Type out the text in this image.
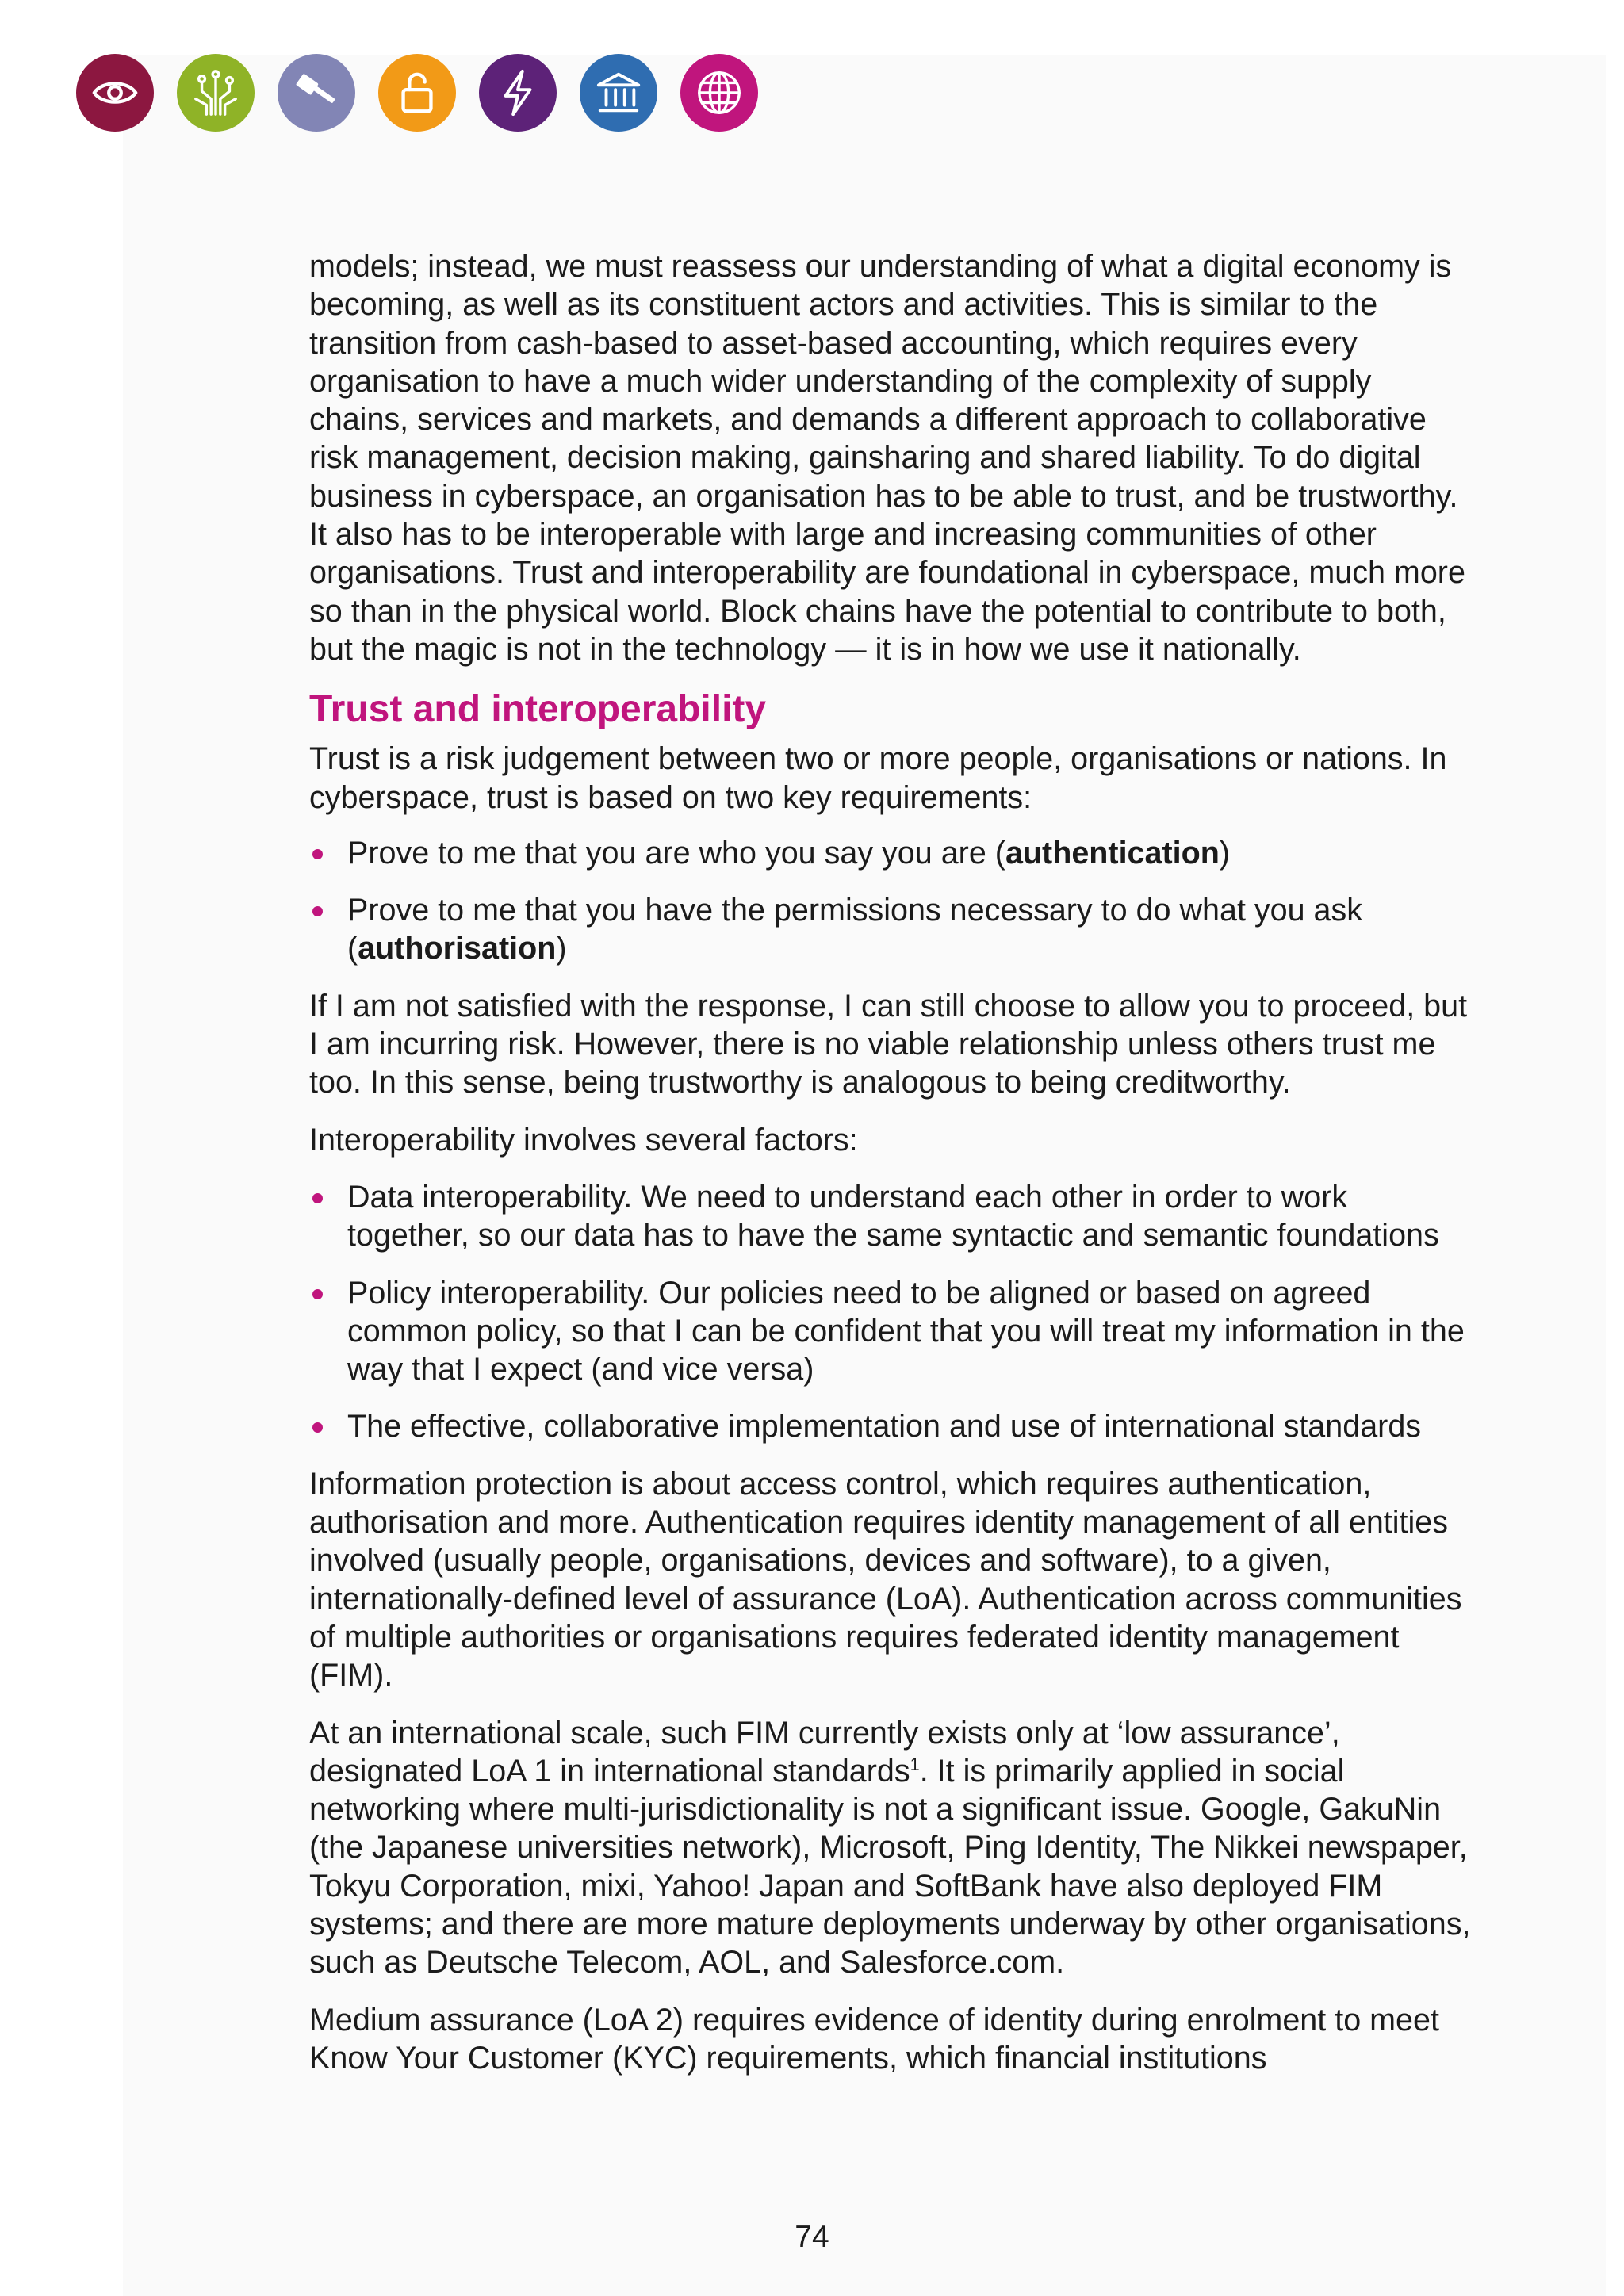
models; instead, we must reassess our understanding of what a digital economy is becoming, as well as its constituent actors and activities. This is similar to the transition from cash-based to asset-based accounting, which requires every organisation to have a much wider understanding of the complexity of supply chains, services and markets, and demands a different approach to collaborative risk management, decision making, gainsharing and shared liability. To do digital business in cyberspace, an organisation has to be able to trust, and be trustworthy. It also has to be interoperable with large and increasing communities of other organisations. Trust and interoperability are foundational in cyberspace, much more so than in the physical world. Block chains have the potential to contribute to both, but the magic is not in the technology — it is in how we use it nationally.

Trust and interoperability

Trust is a risk judgement between two or more people, organisations or nations. In cyberspace, trust is based on two key requirements:

Prove to me that you are who you say you are (authentication)
Prove to me that you have the permissions necessary to do what you ask (authorisation)

If I am not satisfied with the response, I can still choose to allow you to proceed, but I am incurring risk. However, there is no viable relationship unless others trust me too. In this sense, being trustworthy is analogous to being creditworthy.

Interoperability involves several factors:

Data interoperability. We need to understand each other in order to work together, so our data has to have the same syntactic and semantic foundations
Policy interoperability. Our policies need to be aligned or based on agreed common policy, so that I can be confident that you will treat my information in the way that I expect (and vice versa)
The effective, collaborative implementation and use of international standards

Information protection is about access control, which requires authentication, authorisation and more. Authentication requires identity management of all entities involved (usually people, organisations, devices and software), to a given, internationally-defined level of assurance (LoA). Authentication across communities of multiple authorities or organisations requires federated identity management (FIM).

At an international scale, such FIM currently exists only at ‘low assurance’, designated LoA 1 in international standards$^1$. It is primarily applied in social networking where multi-jurisdictionality is not a significant issue. Google, GakuNin (the Japanese universities network), Microsoft, Ping Identity, The Nikkei newspaper, Tokyu Corporation, mixi, Yahoo! Japan and SoftBank have also deployed FIM systems; and there are more mature deployments underway by other organisations, such as Deutsche Telecom, AOL, and Salesforce.com.

Medium assurance (LoA 2) requires evidence of identity during enrolment to meet Know Your Customer (KYC) requirements, which financial institutions

74
